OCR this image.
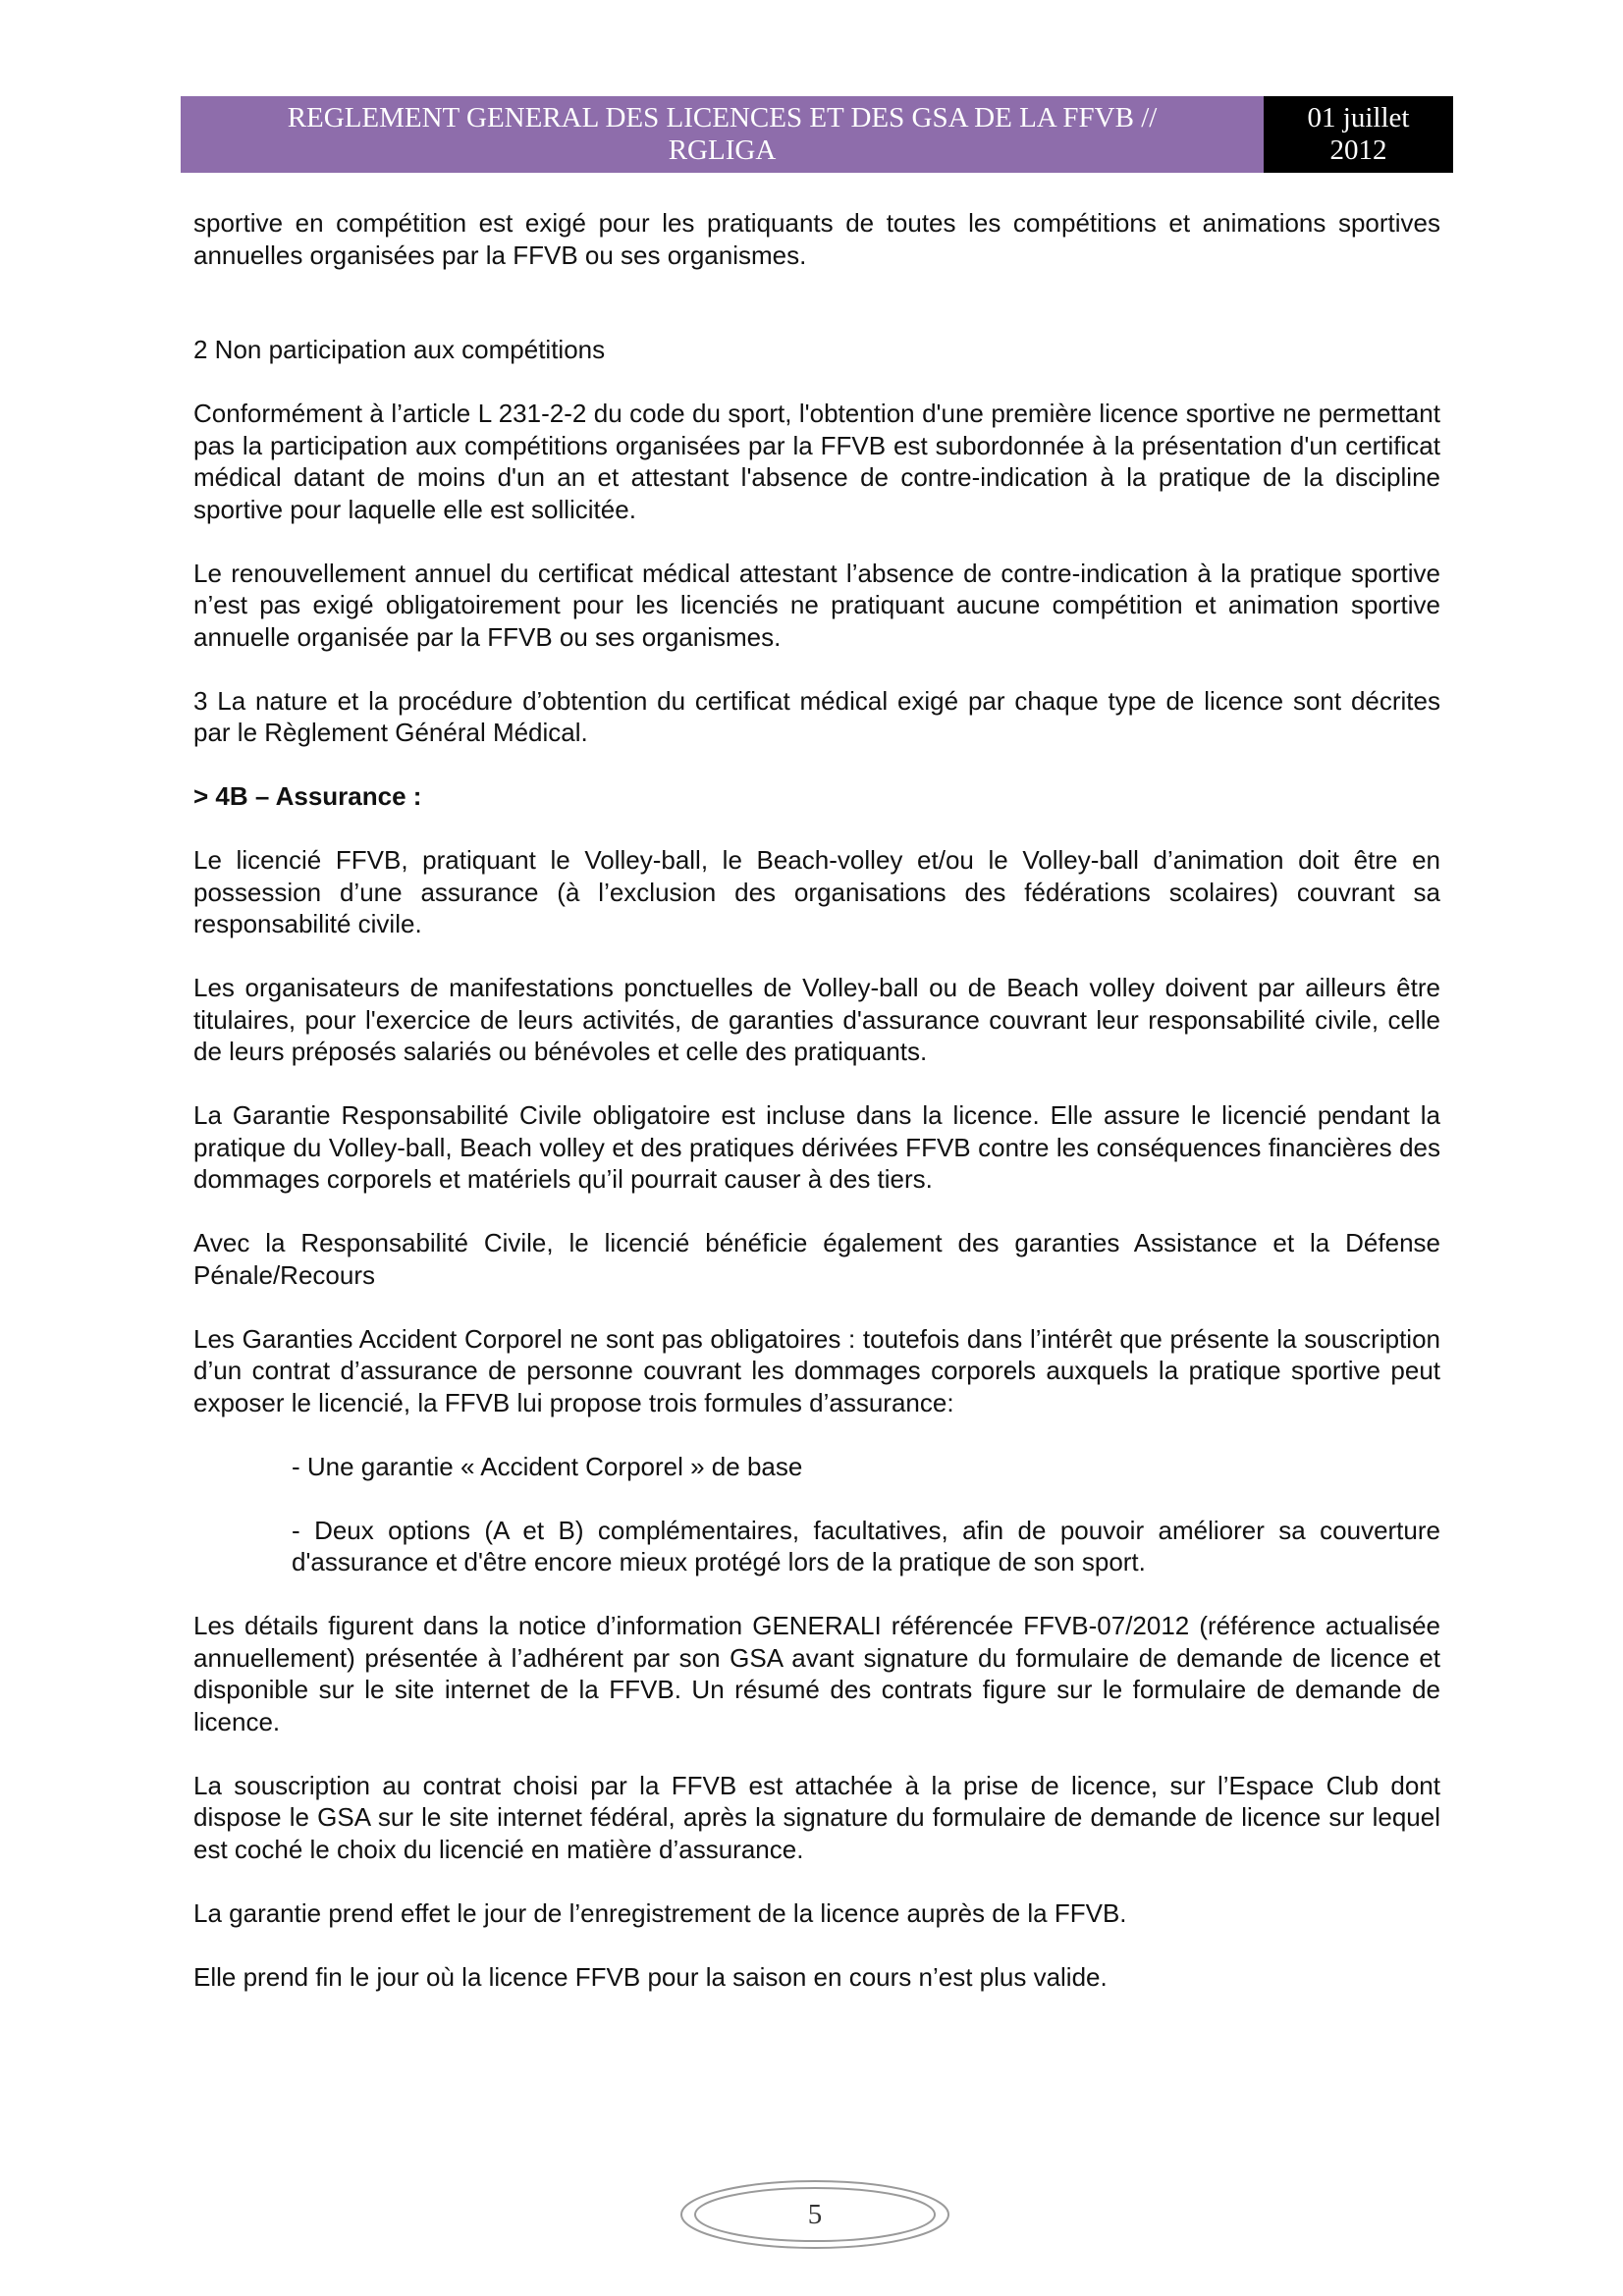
REGLEMENT GENERAL DES LICENCES ET DES GSA DE LA FFVB //
RGLIGA
01 juillet
2012

sportive en compétition est exigé pour les pratiquants de toutes les compétitions et animations sportives annuelles organisées par la FFVB ou ses organismes.

2 Non participation aux compétitions

Conformément à l’article L 231-2-2 du code du sport, l'obtention d'une première licence sportive ne permettant pas la participation aux compétitions organisées par la FFVB est subordonnée à la présentation d'un certificat médical datant de moins d'un an et attestant l'absence de contre-indication à la pratique de la discipline sportive pour laquelle elle est sollicitée.

Le renouvellement annuel du certificat médical attestant l’absence de contre-indication à la pratique sportive n’est pas exigé obligatoirement pour les licenciés ne pratiquant aucune compétition et animation sportive annuelle organisée par la FFVB ou ses organismes.

3 La nature et la procédure d’obtention du certificat médical exigé par chaque type de licence sont décrites par le Règlement Général Médical.

> 4B – Assurance :

Le licencié FFVB, pratiquant le Volley-ball, le Beach-volley et/ou le Volley-ball d’animation doit être en possession d’une assurance (à l’exclusion des organisations des fédérations scolaires) couvrant sa responsabilité civile.

Les organisateurs de manifestations ponctuelles de Volley-ball ou de Beach volley doivent par ailleurs être titulaires, pour l'exercice de leurs activités, de garanties d'assurance couvrant leur responsabilité civile, celle de leurs préposés salariés ou bénévoles et celle des pratiquants.

La Garantie Responsabilité Civile obligatoire est incluse dans la licence. Elle assure le licencié pendant la pratique du Volley-ball, Beach volley et des pratiques dérivées FFVB contre les conséquences financières des dommages corporels et matériels qu’il pourrait causer à des tiers.

Avec la Responsabilité Civile, le licencié bénéficie également des garanties Assistance et la Défense Pénale/Recours

Les Garanties Accident Corporel ne sont pas obligatoires : toutefois dans l’intérêt que présente la souscription d’un contrat d’assurance de personne couvrant les dommages corporels auxquels la pratique sportive peut exposer le licencié, la FFVB lui propose trois formules d’assurance:

- Une garantie « Accident Corporel » de base

- Deux options (A et B) complémentaires, facultatives, afin de pouvoir améliorer sa couverture d'assurance et d'être encore mieux protégé lors de la pratique de son sport.

Les détails figurent dans la notice d’information GENERALI référencée FFVB-07/2012 (référence actualisée annuellement) présentée à l’adhérent par son GSA avant signature du formulaire de demande de licence et disponible sur le site internet de la FFVB. Un résumé des contrats figure sur le formulaire de demande de licence.

La souscription au contrat choisi par la FFVB est attachée à la prise de licence, sur l’Espace Club dont dispose le GSA sur le site internet fédéral, après la signature du formulaire de demande de licence sur lequel est coché le choix du licencié en matière d’assurance.

La garantie prend effet le jour de l’enregistrement de la licence auprès de la FFVB.

Elle prend fin le jour où la licence FFVB pour la saison en cours n’est plus valide.

5
